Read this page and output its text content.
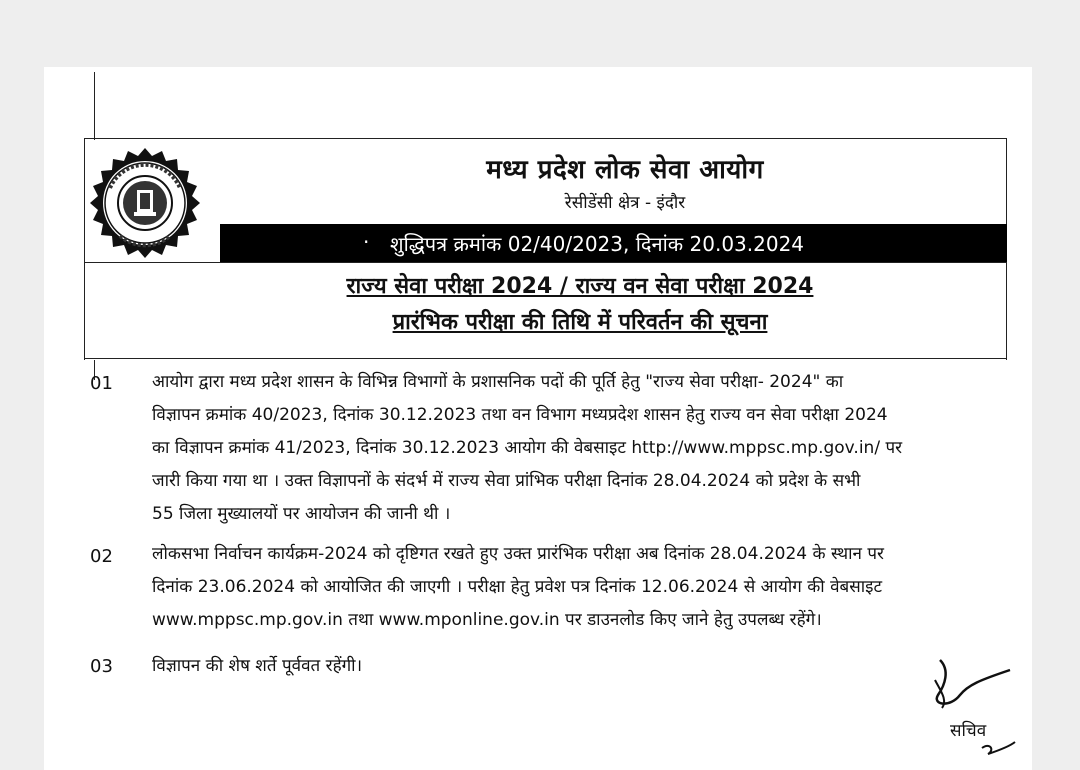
मध्य प्रदेश लोक सेवा आयोग
रेसीडेंसी क्षेत्र - इंदौर
· शुद्धिपत्र क्रमांक 02/40/2023, दिनांक 20.03.2024
राज्य सेवा परीक्षा 2024 / राज्य वन सेवा परीक्षा 2024
प्रारंभिक परीक्षा की तिथि में परिवर्तन की सूचना
01 आयोग द्वारा मध्य प्रदेश शासन के विभिन्न विभागों के प्रशासनिक पदों की पूर्ति हेतु "राज्य सेवा परीक्षा- 2024" का

विज्ञापन क्रमांक 40/2023, दिनांक 30.12.2023 तथा वन विभाग मध्यप्रदेश शासन हेतु राज्य वन सेवा परीक्षा 2024

का विज्ञापन क्रमांक 41/2023, दिनांक 30.12.2023 आयोग की वेबसाइट http://www.mppsc.mp.gov.in/ पर

जारी किया गया था । उक्त विज्ञापनों के संदर्भ में राज्य सेवा प्रांभिक परीक्षा दिनांक 28.04.2024 को प्रदेश के सभी

55 जिला मुख्यालयों पर आयोजन की जानी थी ।

02 लोकसभा निर्वाचन कार्यक्रम-2024 को दृष्टिगत रखते हुए उक्त प्रारंभिक परीक्षा अब दिनांक 28.04.2024 के स्थान पर

दिनांक 23.06.2024 को आयोजित की जाएगी । परीक्षा हेतु प्रवेश पत्र दिनांक 12.06.2024 से आयोग की वेबसाइट

www.mppsc.mp.gov.in तथा www.mponline.gov.in पर डाउनलोड किए जाने हेतु उपलब्ध रहेंगे।

03 विज्ञापन की शेष शर्ते पूर्ववत रहेंगी।

सचिव
